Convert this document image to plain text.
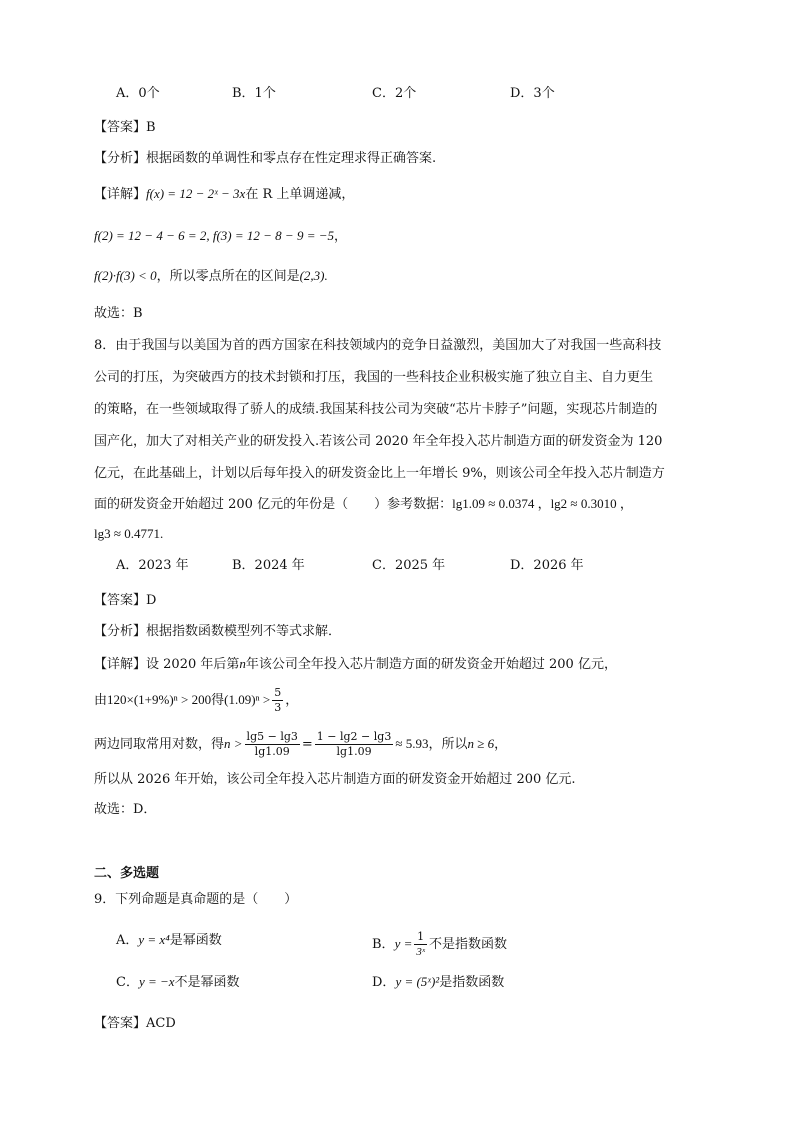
A．0个	B．1个	C．2个	D．3个
【答案】B
【分析】根据函数的单调性和零点存在性定理求得正确答案.
【详解】f(x) = 12 − 2ˣ − 3x在 R 上单调递减，
f(2) = 12 − 4 − 6 = 2, f(3) = 12 − 8 − 9 = −5，
f(2)·f(3) < 0，所以零点所在的区间是(2,3).
故选：B
8．由于我国与以美国为首的西方国家在科技领域内的竞争日益激烈，美国加大了对我国一些高科技
公司的打压，为突破西方的技术封锁和打压，我国的一些科技企业积极实施了独立自主、自力更生
的策略，在一些领域取得了骄人的成绩.我国某科技公司为突破“芯片卡脖子”问题，实现芯片制造的
国产化，加大了对相关产业的研发投入.若该公司 2020 年全年投入芯片制造方面的研发资金为 120
亿元，在此基础上，计划以后每年投入的研发资金比上一年增长 9%，则该公司全年投入芯片制造方
面的研发资金开始超过 200 亿元的年份是（　　）参考数据：lg1.09 ≈ 0.0374 ，lg2 ≈ 0.3010 ，
lg3 ≈ 0.4771.
A．2023 年	B．2024 年	C．2025 年	D．2026 年
【答案】D
【分析】根据指数函数模型列不等式求解．
【详解】设 2020 年后第n年该公司全年投入芯片制造方面的研发资金开始超过 200 亿元，
由120×(1+9%)ⁿ > 200得$(1.09)^n > \frac{5}{3}$ ，
两边同取常用对数，得$n > \frac{\lg 5 - \lg 3}{\lg 1.09} = \frac{1 - \lg 2 - \lg 3}{\lg 1.09} \approx 5.93$，所以n ≥ 6，
所以从 2026 年开始，该公司全年投入芯片制造方面的研发资金开始超过 200 亿元.
故选：D．
二、多选题
9．下列命题是真命题的是（　　）
A．y = x⁴是幂函数	B．$y = \frac{1}{\text{3ˣ}}$ 不是指数函数
C．y = −x不是幂函数	D．y = (5ˣ)²是指数函数
【答案】ACD
